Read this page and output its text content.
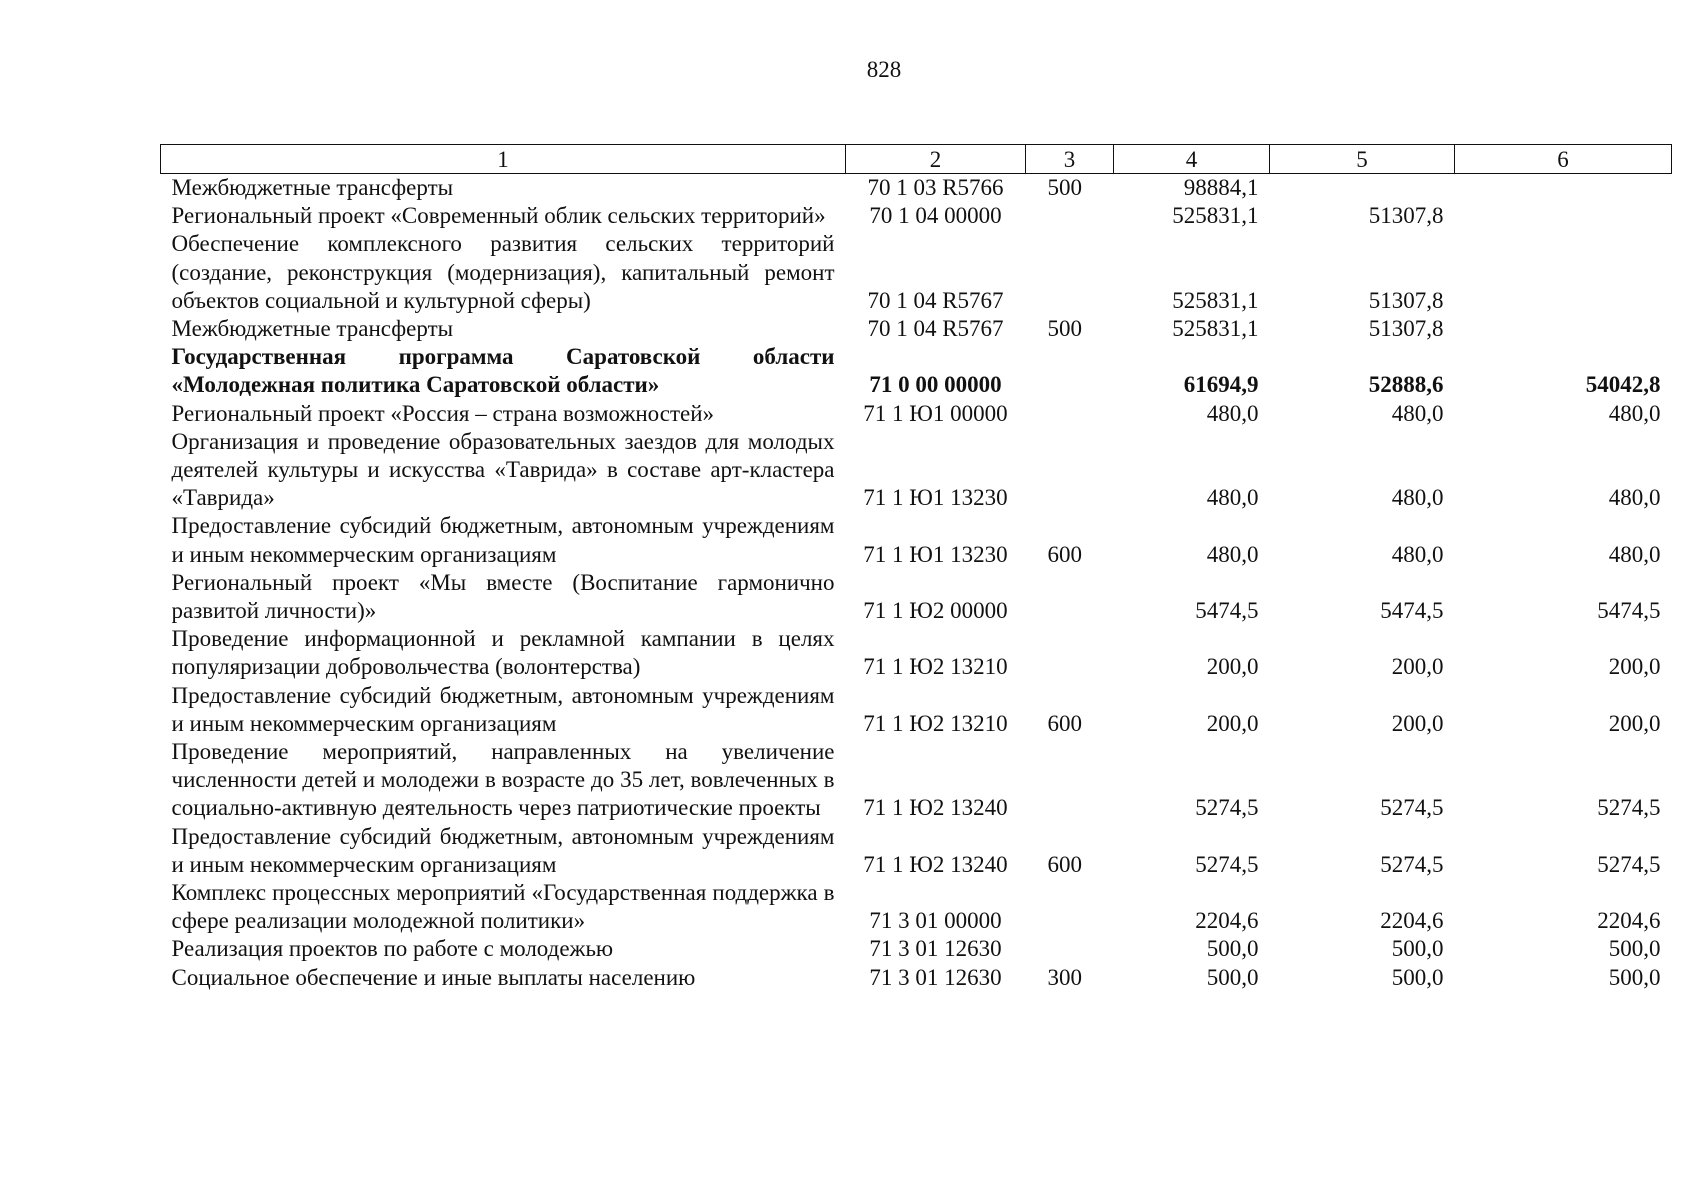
828
1	2	3	4	5	6
Межбюджетные трансферты	70 1 03 R5766	500	98884,1		
Региональный проект «Современный облик сельских территорий»	70 1 04 00000		525831,1	51307,8	
Обеспечение комплексного развития сельских территорий (создание, реконструкция (модернизация), капитальный ремонт объектов социальной и культурной сферы)	70 1 04 R5767		525831,1	51307,8	
Межбюджетные трансферты	70 1 04 R5767	500	525831,1	51307,8	
Государственная программа Саратовской области «Молодежная политика Саратовской области»	71 0 00 00000		61694,9	52888,6	54042,8
Региональный проект «Россия – страна возможностей»	71 1 Ю1 00000		480,0	480,0	480,0
Организация и проведение образовательных заездов для молодых деятелей культуры и искусства «Таврида» в составе арт-кластера «Таврида»	71 1 Ю1 13230		480,0	480,0	480,0
Предоставление субсидий бюджетным, автономным учреждениям и иным некоммерческим организациям	71 1 Ю1 13230	600	480,0	480,0	480,0
Региональный проект «Мы вместе (Воспитание гармонично развитой личности)»	71 1 Ю2 00000		5474,5	5474,5	5474,5
Проведение информационной и рекламной кампании в целях популяризации добровольчества (волонтерства)	71 1 Ю2 13210		200,0	200,0	200,0
Предоставление субсидий бюджетным, автономным учреждениям и иным некоммерческим организациям	71 1 Ю2 13210	600	200,0	200,0	200,0
Проведение мероприятий, направленных на увеличение численности детей и молодежи в возрасте до 35 лет, вовлеченных в социально-активную деятельность через патриотические проекты	71 1 Ю2 13240		5274,5	5274,5	5274,5
Предоставление субсидий бюджетным, автономным учреждениям и иным некоммерческим организациям	71 1 Ю2 13240	600	5274,5	5274,5	5274,5
Комплекс процессных мероприятий «Государственная поддержка в сфере реализации молодежной политики»	71 3 01 00000		2204,6	2204,6	2204,6
Реализация проектов по работе с молодежью	71 3 01 12630		500,0	500,0	500,0
Социальное обеспечение и иные выплаты населению	71 3 01 12630	300	500,0	500,0	500,0
